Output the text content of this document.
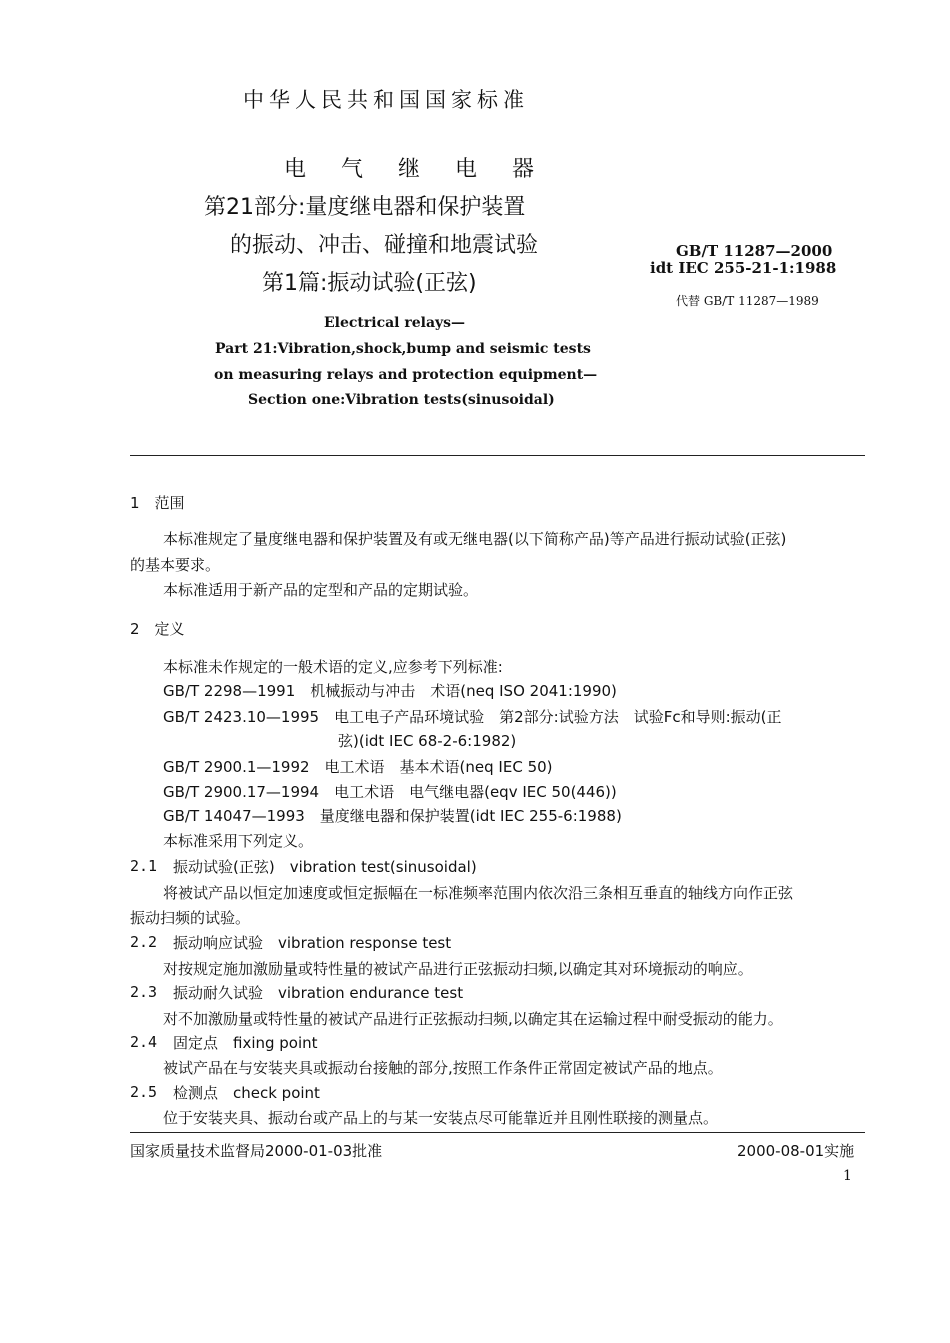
中华人民共和国国家标准
电 气 继 电 器
第21部分:量度继电器和保护装置
的振动、冲击、碰撞和地震试验
第1篇:振动试验(正弦)
GB/T 11287—2000
idt IEC 255-21-1:1988
代替 GB/T 11287—1989
Electrical relays—
Part 21:Vibration,shock,bump and seismic tests
on measuring relays and protection equipment—
Section one:Vibration tests(sinusoidal)
1　范围
本标准规定了量度继电器和保护装置及有或无继电器(以下简称产品)等产品进行振动试验(正弦)
的基本要求。
本标准适用于新产品的定型和产品的定期试验。
2　定义
本标准未作规定的一般术语的定义,应参考下列标准:
GB/T 2298—1991　机械振动与冲击　术语(neq ISO 2041:1990)
GB/T 2423.10—1995　电工电子产品环境试验　第2部分:试验方法　试验Fc和导则:振动(正
弦)(idt IEC 68-2-6:1982)
GB/T 2900.1—1992　电工术语　基本术语(neq IEC 50)
GB/T 2900.17—1994　电工术语　电气继电器(eqv IEC 50(446))
GB/T 14047—1993　量度继电器和保护装置(idt IEC 255-6:1988)
本标准采用下列定义。
2.1 振动试验(正弦)　vibration test(sinusoidal)
将被试产品以恒定加速度或恒定振幅在一标准频率范围内依次沿三条相互垂直的轴线方向作正弦
振动扫频的试验。
2.2 振动响应试验　vibration response test
对按规定施加激励量或特性量的被试产品进行正弦振动扫频,以确定其对环境振动的响应。
2.3 振动耐久试验　vibration endurance test
对不加激励量或特性量的被试产品进行正弦振动扫频,以确定其在运输过程中耐受振动的能力。
2.4 固定点　fixing point
被试产品在与安装夹具或振动台接触的部分,按照工作条件正常固定被试产品的地点。
2.5 检测点　check point
位于安装夹具、振动台或产品上的与某一安装点尽可能靠近并且刚性联接的测量点。
国家质量技术监督局2000-01-03批准	2000-08-01实施
1
